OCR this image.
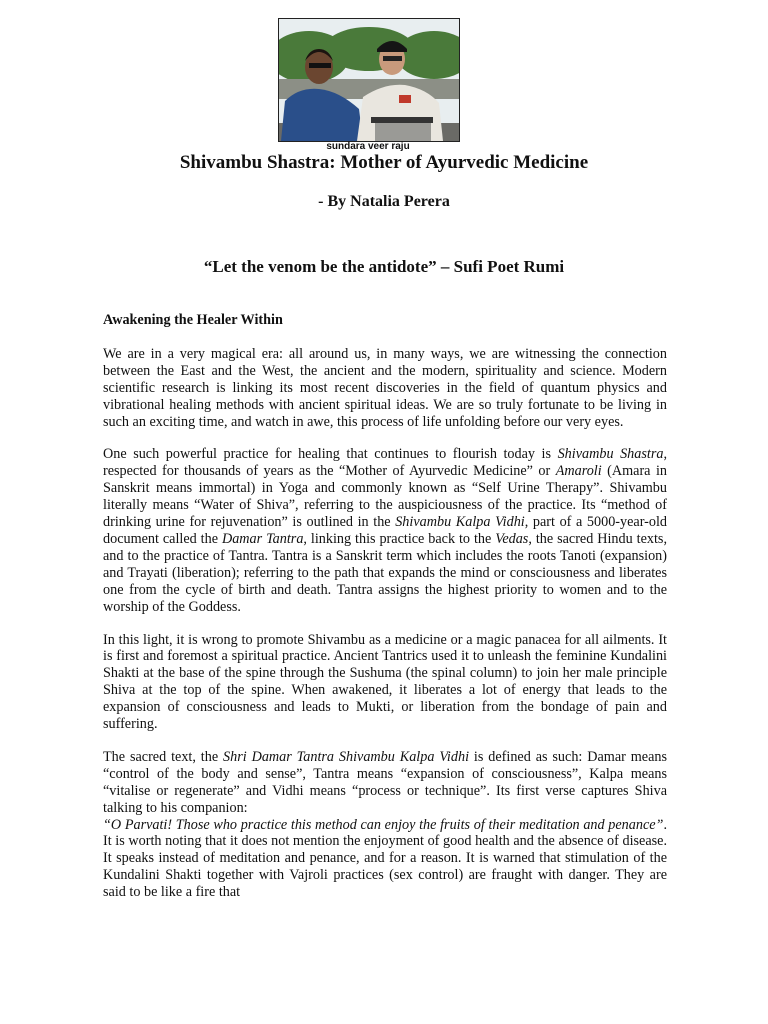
sundara veer raju
Shivambu Shastra: Mother of Ayurvedic Medicine
- By Natalia Perera
“Let the venom be the antidote” – Sufi Poet Rumi

Awakening the Healer Within

We are in a very magical era: all around us, in many ways, we are witnessing the connection between the East and the West, the ancient and the modern, spirituality and science. Modern scientific research is linking its most recent discoveries in the field of quantum physics and vibrational healing methods with ancient spiritual ideas. We are so truly fortunate to be living in such an exciting time, and watch in awe, this process of life unfolding before our very eyes.

One such powerful practice for healing that continues to flourish today is Shivambu Shastra, respected for thousands of years as the “Mother of Ayurvedic Medicine” or Amaroli (Amara in Sanskrit means immortal) in Yoga and commonly known as “Self Urine Therapy”. Shivambu literally means “Water of Shiva”, referring to the auspiciousness of the practice. Its “method of drinking urine for rejuvenation” is outlined in the Shivambu Kalpa Vidhi, part of a 5000-year-old document called the Damar Tantra, linking this practice back to the Vedas, the sacred Hindu texts, and to the practice of Tantra. Tantra is a Sanskrit term which includes the roots Tanoti (expansion) and Trayati (liberation); referring to the path that expands the mind or consciousness and liberates one from the cycle of birth and death. Tantra assigns the highest priority to women and to the worship of the Goddess.

In this light, it is wrong to promote Shivambu as a medicine or a magic panacea for all ailments. It is first and foremost a spiritual practice. Ancient Tantrics used it to unleash the feminine Kundalini Shakti at the base of the spine through the Sushuma (the spinal column) to join her male principle Shiva at the top of the spine. When awakened, it liberates a lot of energy that leads to the expansion of consciousness and leads to Mukti, or liberation from the bondage of pain and suffering.

The sacred text, the Shri Damar Tantra Shivambu Kalpa Vidhi is defined as such: Damar means “control of the body and sense”, Tantra means “expansion of consciousness”, Kalpa means “vitalise or regenerate” and Vidhi means “process or technique”. Its first verse captures Shiva talking to his companion:
“O Parvati! Those who practice this method can enjoy the fruits of their meditation and penance”. It is worth noting that it does not mention the enjoyment of good health and the absence of disease. It speaks instead of meditation and penance, and for a reason. It is warned that stimulation of the Kundalini Shakti together with Vajroli practices (sex control) are fraught with danger. They are said to be like a fire that
